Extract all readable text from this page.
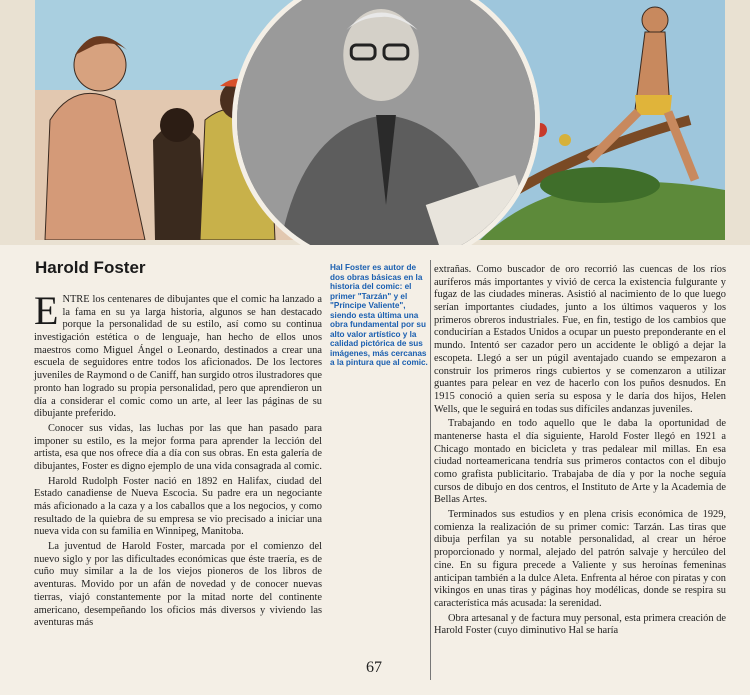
Harold Foster	Hal Foster es autor de dos obras básicas en la historia del comic: el primer "Tarzán" y el "Príncipe Valiente", siendo esta última una obra fundamental por su alto valor artístico y la calidad pictórica de sus imágenes, más cercanas a la pintura que al comic.

ENTRE los centenares de dibujantes que el comic ha lanzado a la fama en su ya larga historia, algunos se han destacado porque la personalidad de su estilo, así como su continua investigación estética o de lenguaje, han hecho de ellos unos maestros como Miguel Ángel o Leonardo, destinados a crear una escuela de seguidores entre todos los aficionados. De los lectores juveniles de Raymond o de Caniff, han surgido otros ilustradores que pronto han logrado su propia personalidad, pero que aprendieron un día a considerar el comic como un arte, al leer las páginas de su dibujante preferido.

Conocer sus vidas, las luchas por las que han pasado para imponer su estilo, es la mejor forma para aprender la lección del artista, esa que nos ofrece día a día con sus obras. En esta galería de dibujantes, Foster es digno ejemplo de una vida consagrada al comic.

Harold Rudolph Foster nació en 1892 en Halifax, ciudad del Estado canadiense de Nueva Escocia. Su padre era un negociante más aficionado a la caza y a los caballos que a los negocios, y como resultado de la quiebra de su empresa se vio precisado a iniciar una nueva vida con su familia en Winnipeg, Manitoba.

La juventud de Harold Foster, marcada por el comienzo del nuevo siglo y por las dificultades económicas que éste traería, es de cuño muy similar a la de los viejos pioneros de los libros de aventuras. Movido por un afán de novedad y de conocer nuevas tierras, viajó constantemente por la mitad norte del continente americano, desempeñando los oficios más diversos y viviendo las aventuras más

extrañas. Como buscador de oro recorrió las cuencas de los ríos auríferos más importantes y vivió de cerca la existencia fulgurante y fugaz de las ciudades mineras. Asistió al nacimiento de lo que luego serían importantes ciudades, junto a los últimos vaqueros y los primeros obreros industriales. Fue, en fin, testigo de los cambios que conducirían a Estados Unidos a ocupar un puesto preponderante en el mundo. Intentó ser cazador pero un accidente le obligó a dejar la escopeta. Llegó a ser un púgil aventajado cuando se empezaron a construir los primeros rings cubiertos y se comenzaron a utilizar guantes para pelear en vez de hacerlo con los puños desnudos. En 1915 conoció a quien sería su esposa y le daría dos hijos, Helen Wells, que le seguirá en todas sus difíciles andanzas juveniles.

Trabajando en todo aquello que le daba la oportunidad de mantenerse hasta el día siguiente, Harold Foster llegó en 1921 a Chicago montado en bicicleta y tras pedalear mil millas. En esa ciudad norteamericana tendría sus primeros contactos con el dibujo como grafista publicitario. Trabajaba de día y por la noche seguía cursos de dibujo en dos centros, el Instituto de Arte y la Academia de Bellas Artes.

Terminados sus estudios y en plena crisis económica de 1929, comienza la realización de su primer comic: Tarzán. Las tiras que dibuja perfilan ya su notable personalidad, al crear un héroe proporcionado y normal, alejado del patrón salvaje y hercúleo del cine. En su figura precede a Valiente y sus heroínas femeninas anticipan también a la dulce Aleta. Enfrenta al héroe con piratas y con vikingos en unas tiras y páginas hoy modélicas, donde se respira su característica más acusada: la serenidad.

Obra artesanal y de factura muy personal, esta primera creación de Harold Foster (cuyo diminutivo Hal se haría

67
